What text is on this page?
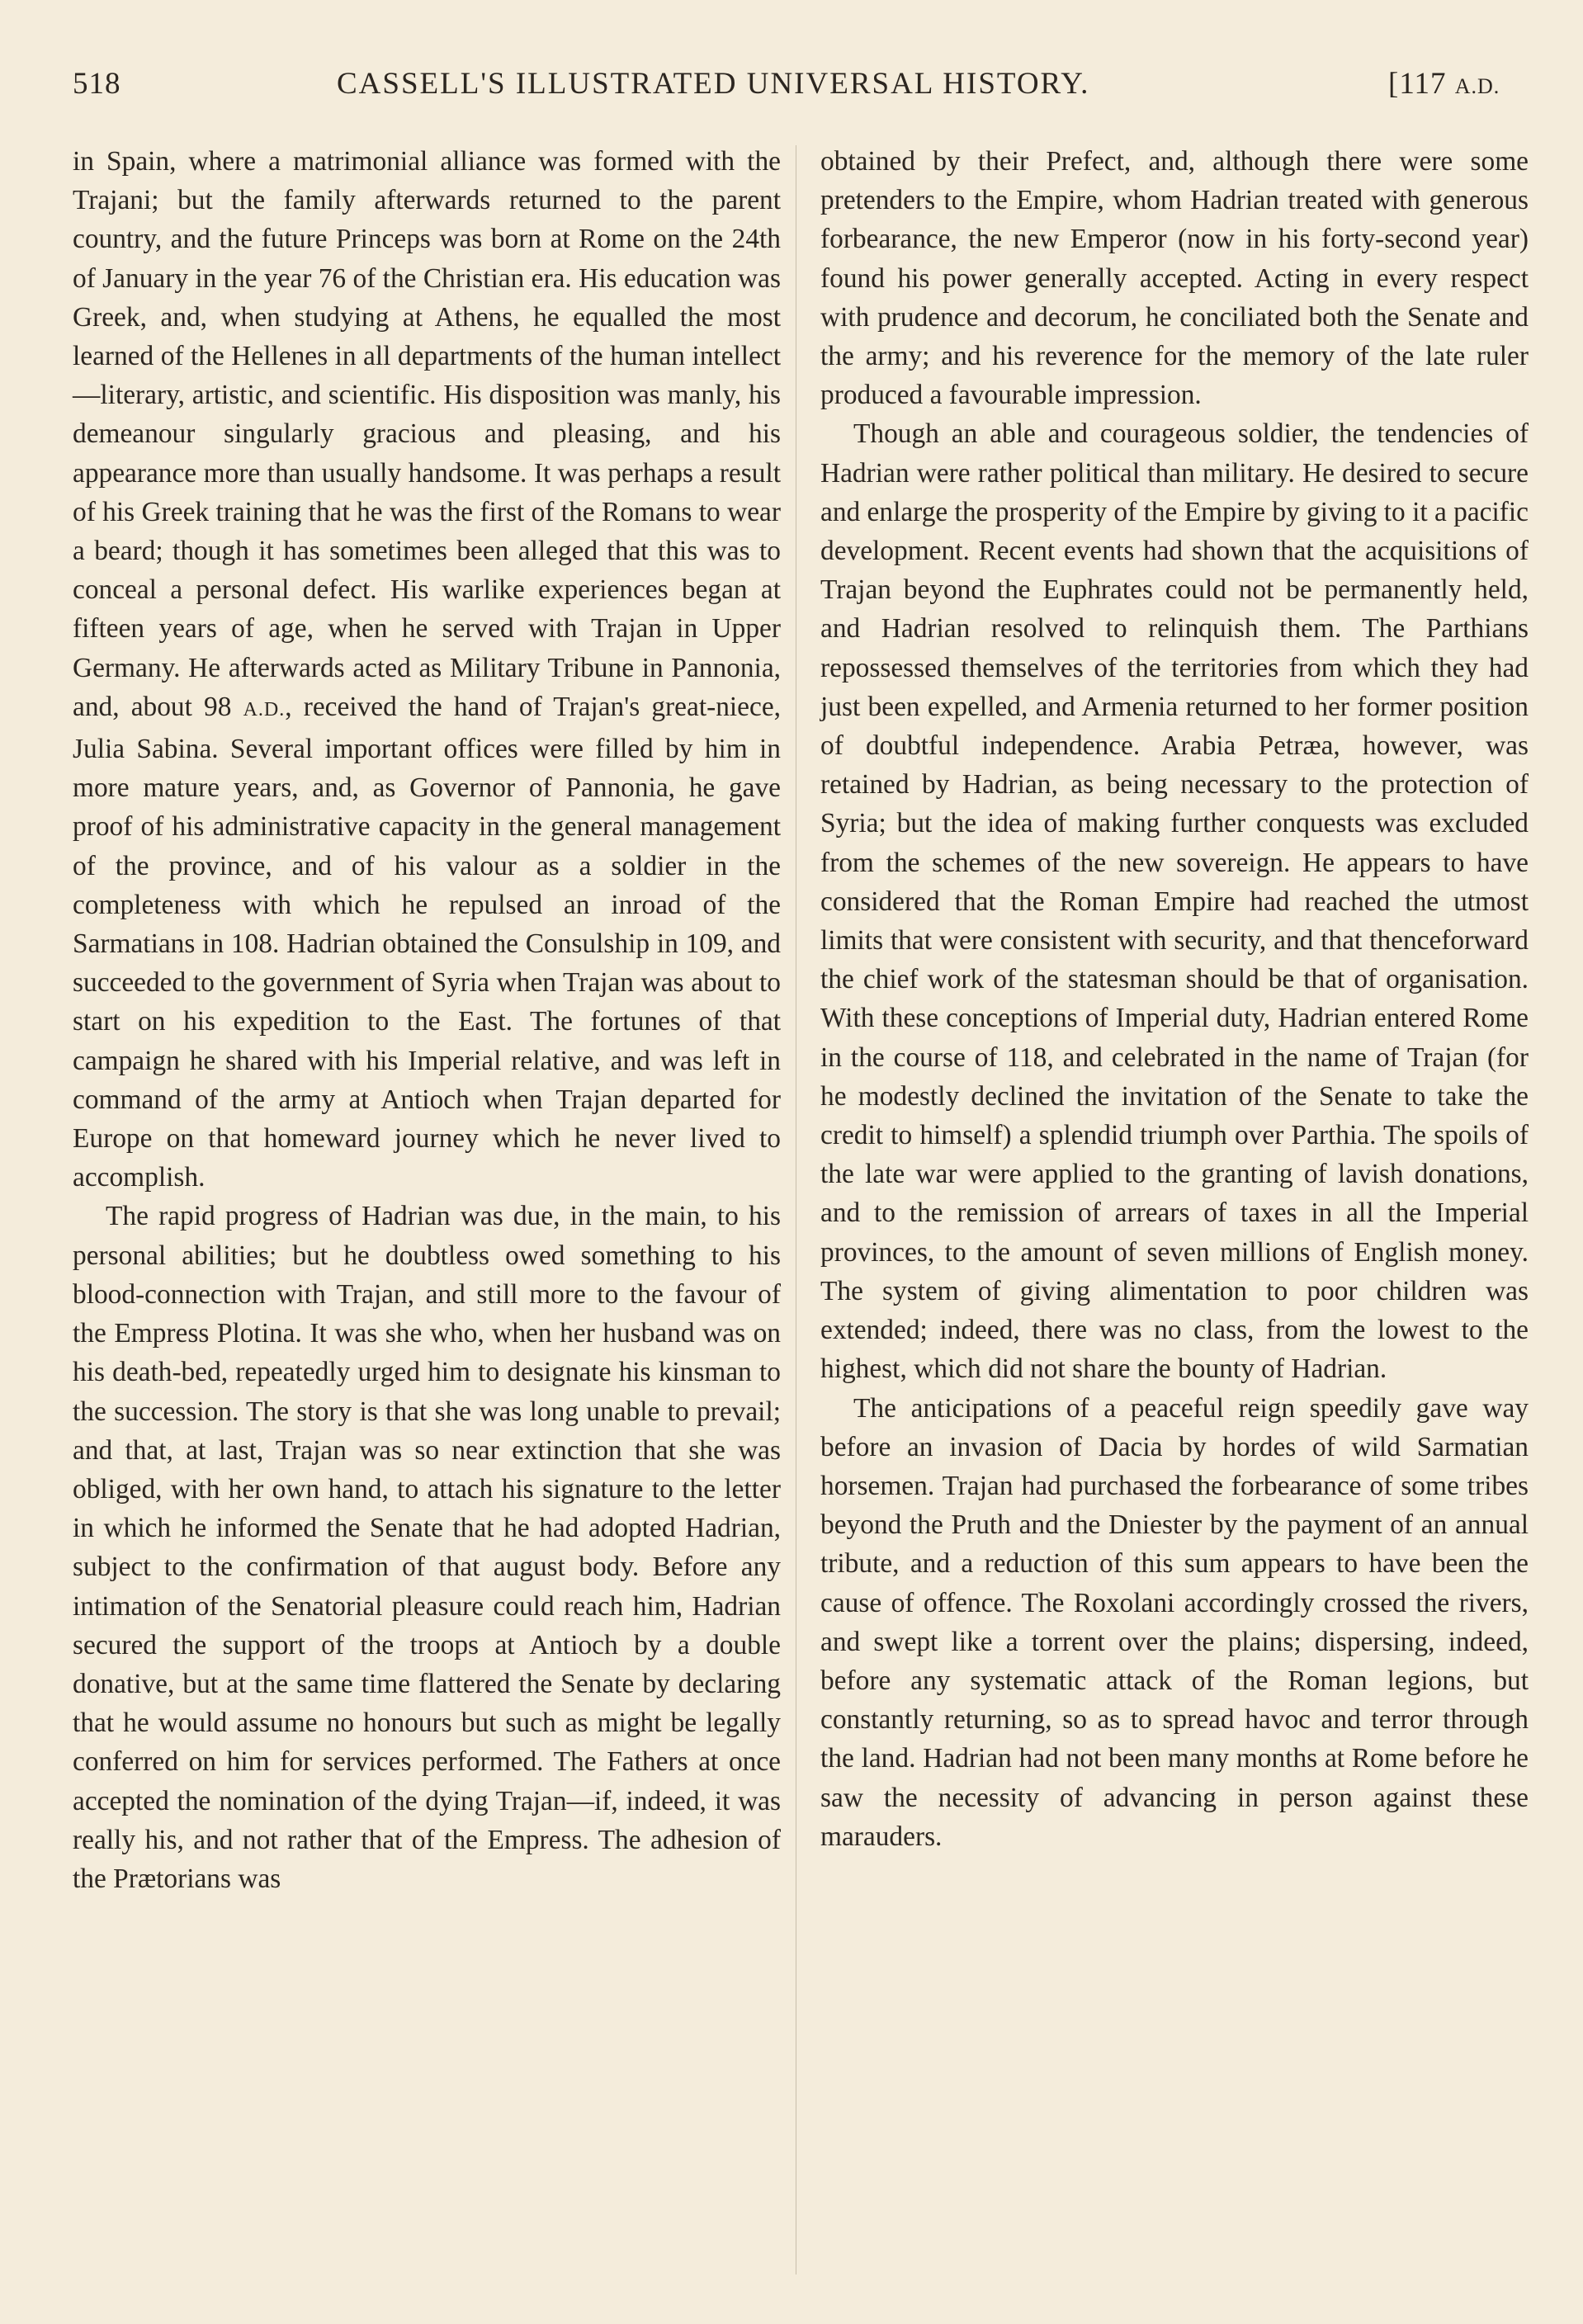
518	CASSELL'S ILLUSTRATED UNIVERSAL HISTORY.	[117 A.D.

in Spain, where a matrimonial alliance was formed with the Trajani; but the family afterwards returned to the parent country, and the future Princeps was born at Rome on the 24th of January in the year 76 of the Christian era. His education was Greek, and, when studying at Athens, he equalled the most learned of the Hellenes in all departments of the human intellect—literary, artistic, and scientific. His disposition was manly, his demeanour singularly gracious and pleasing, and his appearance more than usually handsome. It was perhaps a result of his Greek training that he was the first of the Romans to wear a beard; though it has sometimes been alleged that this was to conceal a personal defect. His warlike experiences began at fifteen years of age, when he served with Trajan in Upper Germany. He afterwards acted as Military Tribune in Pannonia, and, about 98 A.D., received the hand of Trajan's great-niece, Julia Sabina. Several important offices were filled by him in more mature years, and, as Governor of Pannonia, he gave proof of his administrative capacity in the general management of the province, and of his valour as a soldier in the completeness with which he repulsed an inroad of the Sarmatians in 108. Hadrian obtained the Consulship in 109, and succeeded to the government of Syria when Trajan was about to start on his expedition to the East. The fortunes of that campaign he shared with his Imperial relative, and was left in command of the army at Antioch when Trajan departed for Europe on that homeward journey which he never lived to accomplish.

The rapid progress of Hadrian was due, in the main, to his personal abilities; but he doubtless owed something to his blood-connection with Trajan, and still more to the favour of the Empress Plotina. It was she who, when her husband was on his death-bed, repeatedly urged him to designate his kinsman to the succession. The story is that she was long unable to prevail; and that, at last, Trajan was so near extinction that she was obliged, with her own hand, to attach his signature to the letter in which he informed the Senate that he had adopted Hadrian, subject to the confirmation of that august body. Before any intimation of the Senatorial pleasure could reach him, Hadrian secured the support of the troops at Antioch by a double donative, but at the same time flattered the Senate by declaring that he would assume no honours but such as might be legally conferred on him for services performed. The Fathers at once accepted the nomination of the dying Trajan—if, indeed, it was really his, and not rather that of the Empress. The adhesion of the Prætorians was

obtained by their Prefect, and, although there were some pretenders to the Empire, whom Hadrian treated with generous forbearance, the new Emperor (now in his forty-second year) found his power generally accepted. Acting in every respect with prudence and decorum, he conciliated both the Senate and the army; and his reverence for the memory of the late ruler produced a favourable impression.

Though an able and courageous soldier, the tendencies of Hadrian were rather political than military. He desired to secure and enlarge the prosperity of the Empire by giving to it a pacific development. Recent events had shown that the acquisitions of Trajan beyond the Euphrates could not be permanently held, and Hadrian resolved to relinquish them. The Parthians repossessed themselves of the territories from which they had just been expelled, and Armenia returned to her former position of doubtful independence. Arabia Petræa, however, was retained by Hadrian, as being necessary to the protection of Syria; but the idea of making further conquests was excluded from the schemes of the new sovereign. He appears to have considered that the Roman Empire had reached the utmost limits that were consistent with security, and that thenceforward the chief work of the statesman should be that of organisation. With these conceptions of Imperial duty, Hadrian entered Rome in the course of 118, and celebrated in the name of Trajan (for he modestly declined the invitation of the Senate to take the credit to himself) a splendid triumph over Parthia. The spoils of the late war were applied to the granting of lavish donations, and to the remission of arrears of taxes in all the Imperial provinces, to the amount of seven millions of English money. The system of giving alimentation to poor children was extended; indeed, there was no class, from the lowest to the highest, which did not share the bounty of Hadrian.

The anticipations of a peaceful reign speedily gave way before an invasion of Dacia by hordes of wild Sarmatian horsemen. Trajan had purchased the forbearance of some tribes beyond the Pruth and the Dniester by the payment of an annual tribute, and a reduction of this sum appears to have been the cause of offence. The Roxolani accordingly crossed the rivers, and swept like a torrent over the plains; dispersing, indeed, before any systematic attack of the Roman legions, but constantly returning, so as to spread havoc and terror through the land. Hadrian had not been many months at Rome before he saw the necessity of advancing in person against these marauders.
